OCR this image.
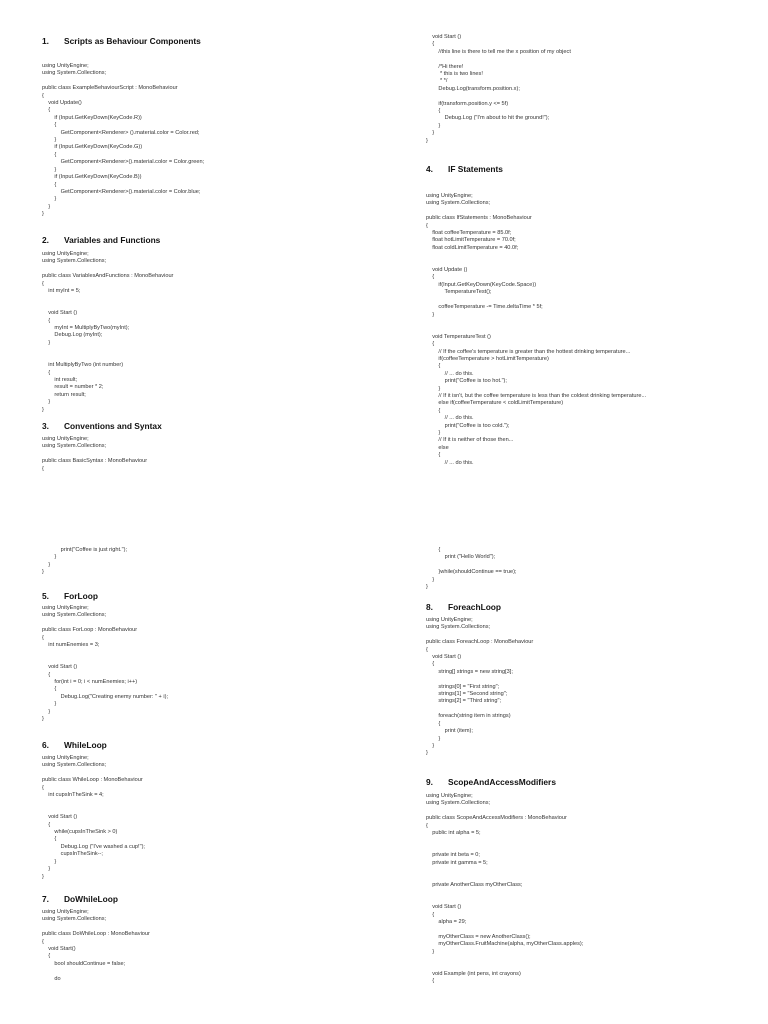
1. Scripts as Behaviour Components
using UnityEngine;
using System.Collections;

public class ExampleBehaviourScript : MonoBehaviour
{
void Update()
{
if (Input.GetKeyDown(KeyCode.R))
{
GetComponent<Renderer> ().material.color = Color.red;
}
if (Input.GetKeyDown(KeyCode.G))
{
GetComponent<Renderer>().material.color = Color.green;
}
if (Input.GetKeyDown(KeyCode.B))
{
GetComponent<Renderer>().material.color = Color.blue;
}
}
}
2. Variables and Functions
using UnityEngine;
using System.Collections;

public class VariablesAndFunctions : MonoBehaviour
{
int myInt = 5;

void Start ()
{
myInt = MultiplyByTwo(myInt);
Debug.Log (myInt);
}

int MultiplyByTwo (int number)
{
int result;
result = number * 2;
return result;
}
}
3. Conventions and Syntax
using UnityEngine;
using System.Collections;

public class BasicSyntax : MonoBehaviour
{
print("Coffee is just right.");
}
}
}
5. ForLoop
using UnityEngine;
using System.Collections;

public class ForLoop : MonoBehaviour
{
int numEnemies = 3;

void Start ()
{
for(int i = 0; i < numEnemies; i++)
{
Debug.Log("Creating enemy number: " + i);
}
}
}
6. WhileLoop
using UnityEngine;
using System.Collections;

public class WhileLoop : MonoBehaviour
{
int cupsInTheSink = 4;

void Start ()
{
while(cupsInTheSink > 0)
{
Debug.Log ("I've washed a cup!");
cupsInTheSink--;
}
}
}
7. DoWhileLoop
using UnityEngine;
using System.Collections;

public class DoWhileLoop : MonoBehaviour
{
void Start()
{
bool shouldContinue = false;

do
void Start ()
{
//this line is there to tell me the x position of my object

/*Hi there!
* this is two lines!
* */
Debug.Log(transform.position.x);

if(transform.position.y <= 5f)
{
Debug.Log ("I'm about to hit the ground!");
}
}
}
4. IF Statements
using UnityEngine;
using System.Collections;

public class IfStatements : MonoBehaviour
{
float coffeeTemperature = 85.0f;
float hotLimitTemperature = 70.0f;
float coldLimitTemperature = 40.0f;

void Update ()
{
if(Input.GetKeyDown(KeyCode.Space))
TemperatureTest();

coffeeTemperature -= Time.deltaTime * 5f;
}

void TemperatureTest ()
{
// If the coffee's temperature is greater than the hottest drinking temperature...
if(coffeeTemperature > hotLimitTemperature)
{
// ... do this.
print("Coffee is too hot.");
}
// If it isn't, but the coffee temperature is less than the coldest drinking temperature...
else if(coffeeTemperature < coldLimitTemperature)
{
// ... do this.
print("Coffee is too cold.");
}
// If it is neither of those then...
else
{
// ... do this.
{
print ("Hello World");

}while(shouldContinue == true);
}
}
8. ForeachLoop
using UnityEngine;
using System.Collections;

public class ForeachLoop : MonoBehaviour
{
void Start ()
{
string[] strings = new string[3];

strings[0] = "First string";
strings[1] = "Second string";
strings[2] = "Third string";

foreach(string item in strings)
{
print (item);
}
}
}
9. ScopeAndAccessModifiers
using UnityEngine;
using System.Collections;

public class ScopeAndAccessModifiers : MonoBehaviour
{
public int alpha = 5;

private int beta = 0;
private int gamma = 5;

private AnotherClass myOtherClass;

void Start ()
{
alpha = 29;

myOtherClass = new AnotherClass();
myOtherClass.FruitMachine(alpha, myOtherClass.apples);
}

void Example (int pens, int crayons)
{
